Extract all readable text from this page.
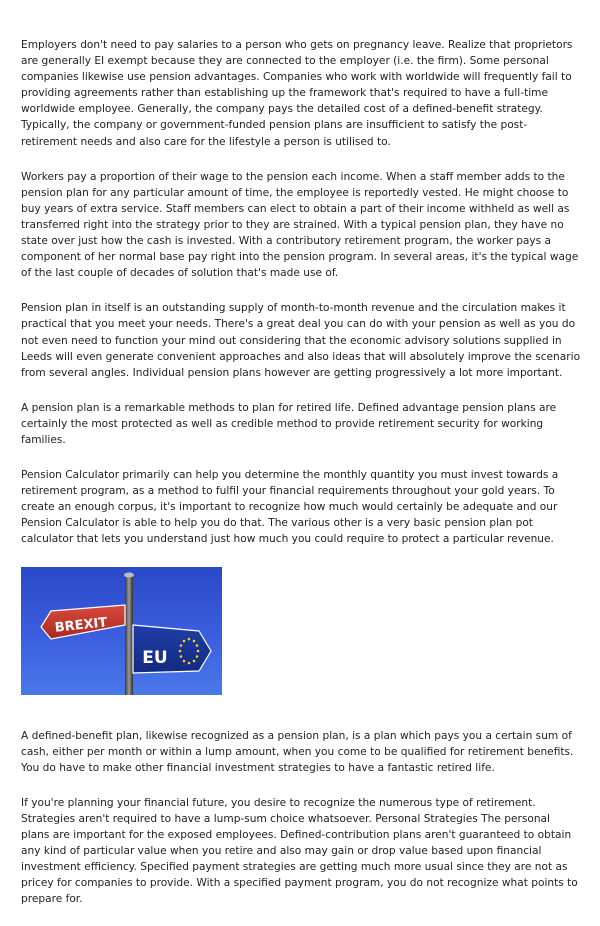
Employers don't need to pay salaries to a person who gets on pregnancy leave. Realize that proprietors are generally EI exempt because they are connected to the employer (i.e. the firm). Some personal companies likewise use pension advantages. Companies who work with worldwide will frequently fail to providing agreements rather than establishing up the framework that's required to have a full-time worldwide employee. Generally, the company pays the detailed cost of a defined-benefit strategy. Typically, the company or government-funded pension plans are insufficient to satisfy the post-retirement needs and also care for the lifestyle a person is utilised to.

Workers pay a proportion of their wage to the pension each income. When a staff member adds to the pension plan for any particular amount of time, the employee is reportedly vested. He might choose to buy years of extra service. Staff members can elect to obtain a part of their income withheld as well as transferred right into the strategy prior to they are strained. With a typical pension plan, they have no state over just how the cash is invested. With a contributory retirement program, the worker pays a component of her normal base pay right into the pension program. In several areas, it's the typical wage of the last couple of decades of solution that's made use of.

Pension plan in itself is an outstanding supply of month-to-month revenue and the circulation makes it practical that you meet your needs. There's a great deal you can do with your pension as well as you do not even need to function your mind out considering that the economic advisory solutions supplied in Leeds will even generate convenient approaches and also ideas that will absolutely improve the scenario from several angles. Individual pension plans however are getting progressively a lot more important.

A pension plan is a remarkable methods to plan for retired life. Defined advantage pension plans are certainly the most protected as well as credible method to provide retirement security for working families.

Pension Calculator primarily can help you determine the monthly quantity you must invest towards a retirement program, as a method to fulfil your financial requirements throughout your gold years. To create an enough corpus, it's important to recognize how much would certainly be adequate and our Pension Calculator is able to help you do that. The various other is a very basic pension plan pot calculator that lets you understand just how much you could require to protect a particular revenue.

BREXIT
EU

A defined-benefit plan, likewise recognized as a pension plan, is a plan which pays you a certain sum of cash, either per month or within a lump amount, when you come to be qualified for retirement benefits. You do have to make other financial investment strategies to have a fantastic retired life.

If you're planning your financial future, you desire to recognize the numerous type of retirement. Strategies aren't required to have a lump-sum choice whatsoever. Personal Strategies The personal plans are important for the exposed employees. Defined-contribution plans aren't guaranteed to obtain any kind of particular value when you retire and also may gain or drop value based upon financial investment efficiency. Specified payment strategies are getting much more usual since they are not as pricey for companies to provide. With a specified payment program, you do not recognize what points to prepare for.
